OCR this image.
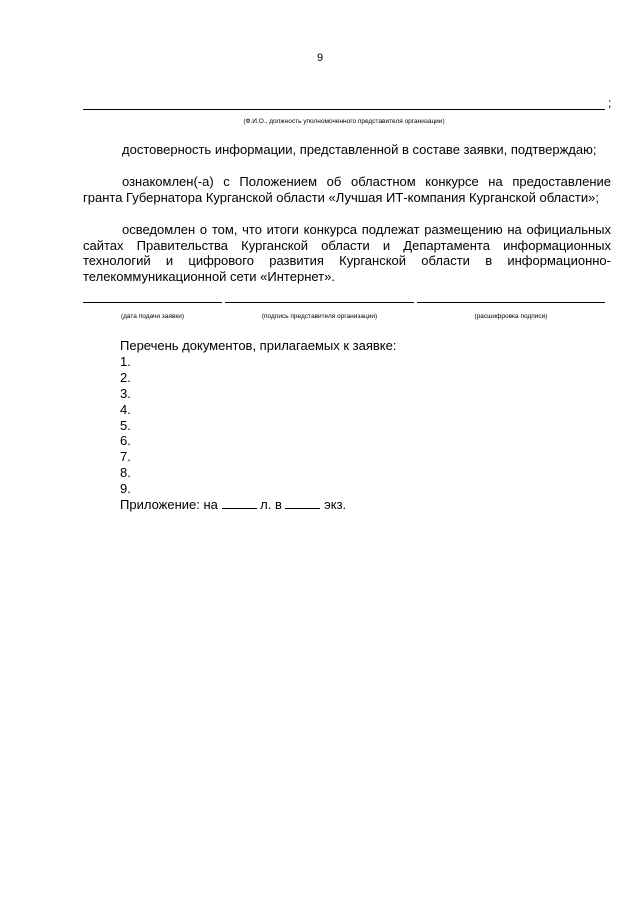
9
;
(Ф.И.О., должность уполномоченного представителя организации)
достоверность информации, представленной в составе заявки, подтверждаю;
ознакомлен(-а) с Положением об областном конкурсе на предоставление гранта Губернатора Курганской области «Лучшая ИТ-компания Курганской области»;
осведомлен о том, что итоги конкурса подлежат размещению на официальных сайтах Правительства Курганской области и Департамента информационных технологий и цифрового развития Курганской области в информационно-телекоммуникационной сети «Интернет».
(дата подачи заявки)	(подпись представителя организации)	(расшифровка подписи)
Перечень документов, прилагаемых к заявке:
1.
2.
3.
4.
5.
6.
7.
8.
9.
Приложение: на	л. в	экз.
